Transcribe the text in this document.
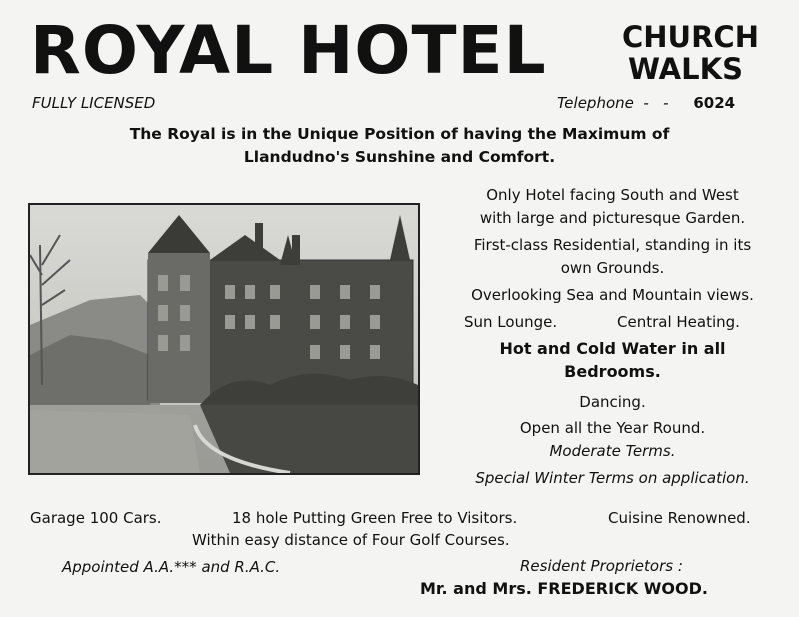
ROYAL HOTEL	CHURCH
WALKS
FULLY LICENSED	Telephone  -   - 6024
The Royal is in the Unique Position of having the Maximum of
Llandudno's Sunshine and Comfort.
Only Hotel facing South and West
with large and picturesque Garden.
First-class Residential, standing in its
own Grounds.
Overlooking Sea and Mountain views.
Sun Lounge.	Central Heating.
Hot and Cold Water in all
Bedrooms.
Dancing.
Open all the Year Round.
Moderate Terms.
Special Winter Terms on application.
Garage 100 Cars.	18 hole Putting Green Free to Visitors.	Cuisine Renowned.
Within easy distance of Four Golf Courses.
Appointed A.A.*** and R.A.C.	Resident Proprietors :
Mr. and Mrs. FREDERICK WOOD.
